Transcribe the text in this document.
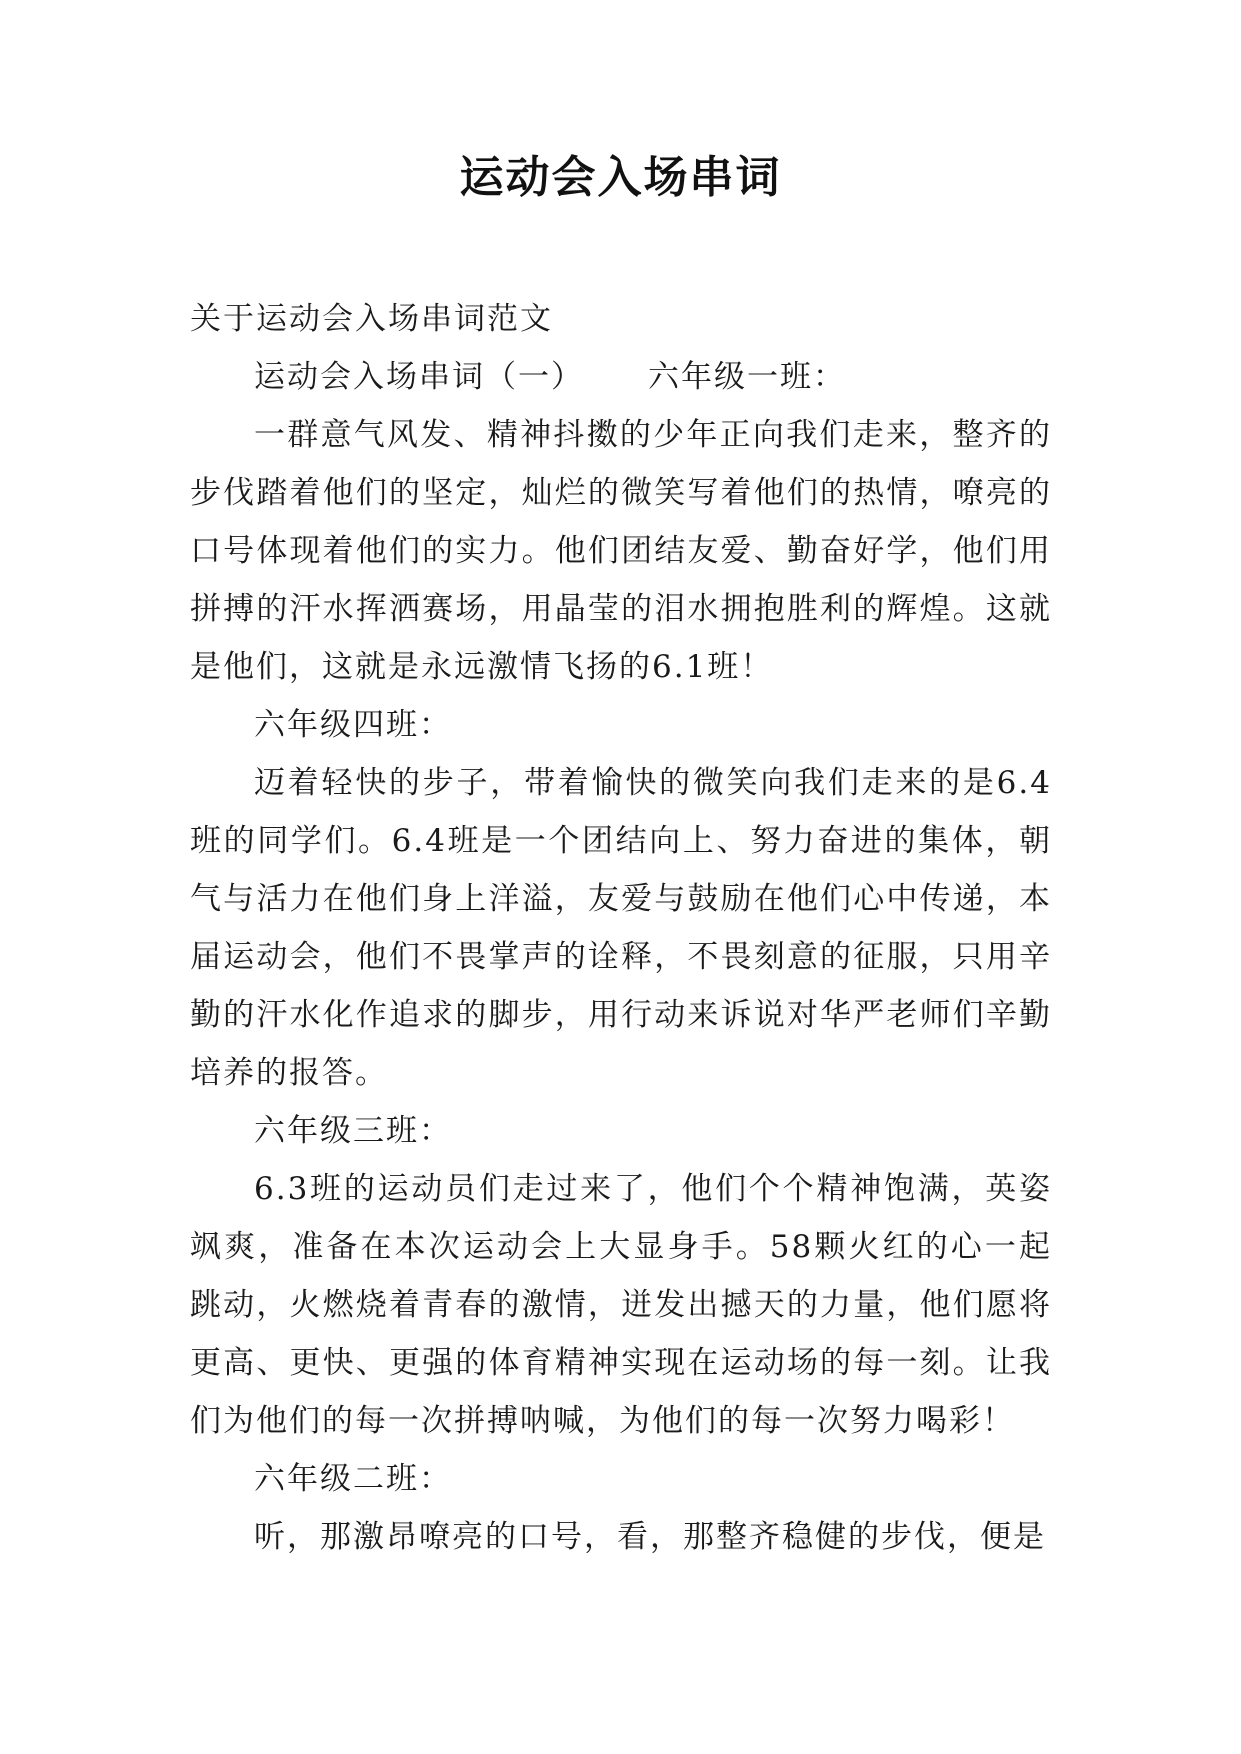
运动会入场串词

关于运动会入场串词范文

运动会入场串词（一） 六年级一班：

一群意气风发、精神抖擞的少年正向我们走来，整齐的步伐踏着他们的坚定，灿烂的微笑写着他们的热情，嘹亮的口号体现着他们的实力。他们团结友爱、勤奋好学，他们用拼搏的汗水挥洒赛场，用晶莹的泪水拥抱胜利的辉煌。这就是他们，这就是永远激情飞扬的6.1班！

六年级四班：

迈着轻快的步子，带着愉快的微笑向我们走来的是6.4班的同学们。6.4班是一个团结向上、努力奋进的集体，朝气与活力在他们身上洋溢，友爱与鼓励在他们心中传递，本届运动会，他们不畏掌声的诠释，不畏刻意的征服，只用辛勤的汗水化作追求的脚步，用行动来诉说对华严老师们辛勤培养的报答。

六年级三班：

6.3班的运动员们走过来了，他们个个精神饱满，英姿飒爽，准备在本次运动会上大显身手。58颗火红的心一起跳动，火燃烧着青春的激情，迸发出撼天的力量，他们愿将更高、更快、更强的体育精神实现在运动场的每一刻。让我们为他们的每一次拼搏呐喊，为他们的每一次努力喝彩！

六年级二班：

听，那激昂嘹亮的口号，看，那整齐稳健的步伐，便是
